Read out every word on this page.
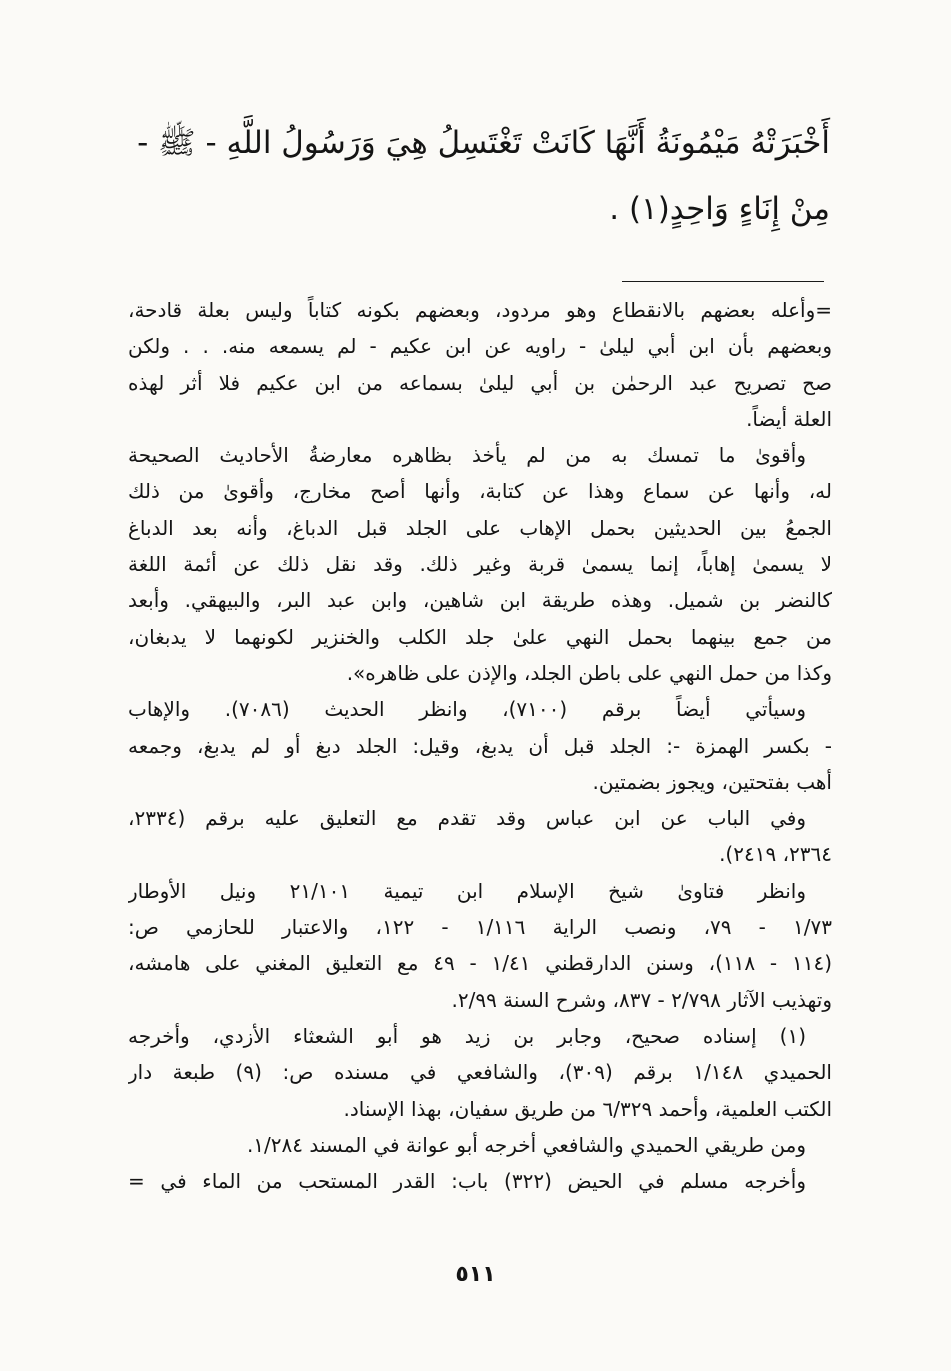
أَخْبَرَتْهُ مَيْمُونَةُ أَنَّهَا كَانَتْ تَغْتَسِلُ هِيَ وَرَسُولُ اللَّهِ - ﷺ -
مِنْ إِنَاءٍ وَاحِدٍ(١) .
=وأعله بعضهم بالانقطاع وهو مردود، وبعضهم بكونه كتاباً وليس بعلة قادحة،
وبعضهم بأن ابن أبي ليلىٰ - راويه عن ابن عكيم - لم يسمعه منه. . . ولكن
صح تصريح عبد الرحمٰن بن أبي ليلىٰ بسماعه من ابن عكيم فلا أثر لهذه
العلة أيضاً.
وأقوىٰ ما تمسك به من لم يأخذ بظاهره معارضةُ الأحاديث الصحيحة
له، وأنها عن سماع وهذا عن كتابة، وأنها أصح مخارج، وأقوىٰ من ذلك
الجمعُ بين الحديثين بحمل الإهاب على الجلد قبل الدباغ، وأنه بعد الدباغ
لا يسمىٰ إهاباً، إنما يسمىٰ قربة وغير ذلك. وقد نقل ذلك عن أئمة اللغة
كالنضر بن شميل. وهذه طريقة ابن شاهين، وابن عبد البر، والبيهقي. وأبعد
من جمع بينهما بحمل النهي علىٰ جلد الكلب والخنزير لكونهما لا يدبغان،
وكذا من حمل النهي على باطن الجلد، والإذن على ظاهره».
وسيأتي أيضاً برقم (٧١٠٠)، وانظر الحديث (٧٠٨٦). والإهاب
- بكسر الهمزة -: الجلد قبل أن يدبغ، وقيل: الجلد دبغ أو لم يدبغ، وجمعه
أهب بفتحتين، ويجوز بضمتين.
وفي الباب عن ابن عباس وقد تقدم مع التعليق عليه برقم (٢٣٣٤،
٢٣٦٤، ٢٤١٩).
وانظر فتاوىٰ شيخ الإسلام ابن تيمية ٢١/١٠١ ونيل الأوطار
١/٧٣ - ٧٩، ونصب الراية ١/١١٦ - ١٢٢، والاعتبار للحازمي ص:
(١١٤ - ١١٨)، وسنن الدارقطني ١/٤١ - ٤٩ مع التعليق المغني على هامشه،
وتهذيب الآثار ٢/٧٩٨ - ٨٣٧، وشرح السنة ٢/٩٩.
(١) إسناده صحيح، وجابر بن زيد هو أبو الشعثاء الأزدي، وأخرجه
الحميدي ١/١٤٨ برقم (٣٠٩)، والشافعي في مسنده ص: (٩) طبعة دار
الكتب العلمية، وأحمد ٦/٣٢٩ من طريق سفيان، بهذا الإسناد.
ومن طريقي الحميدي والشافعي أخرجه أبو عوانة في المسند ١/٢٨٤.
وأخرجه مسلم في الحيض (٣٢٢) باب: القدر المستحب من الماء في =
٥١١
